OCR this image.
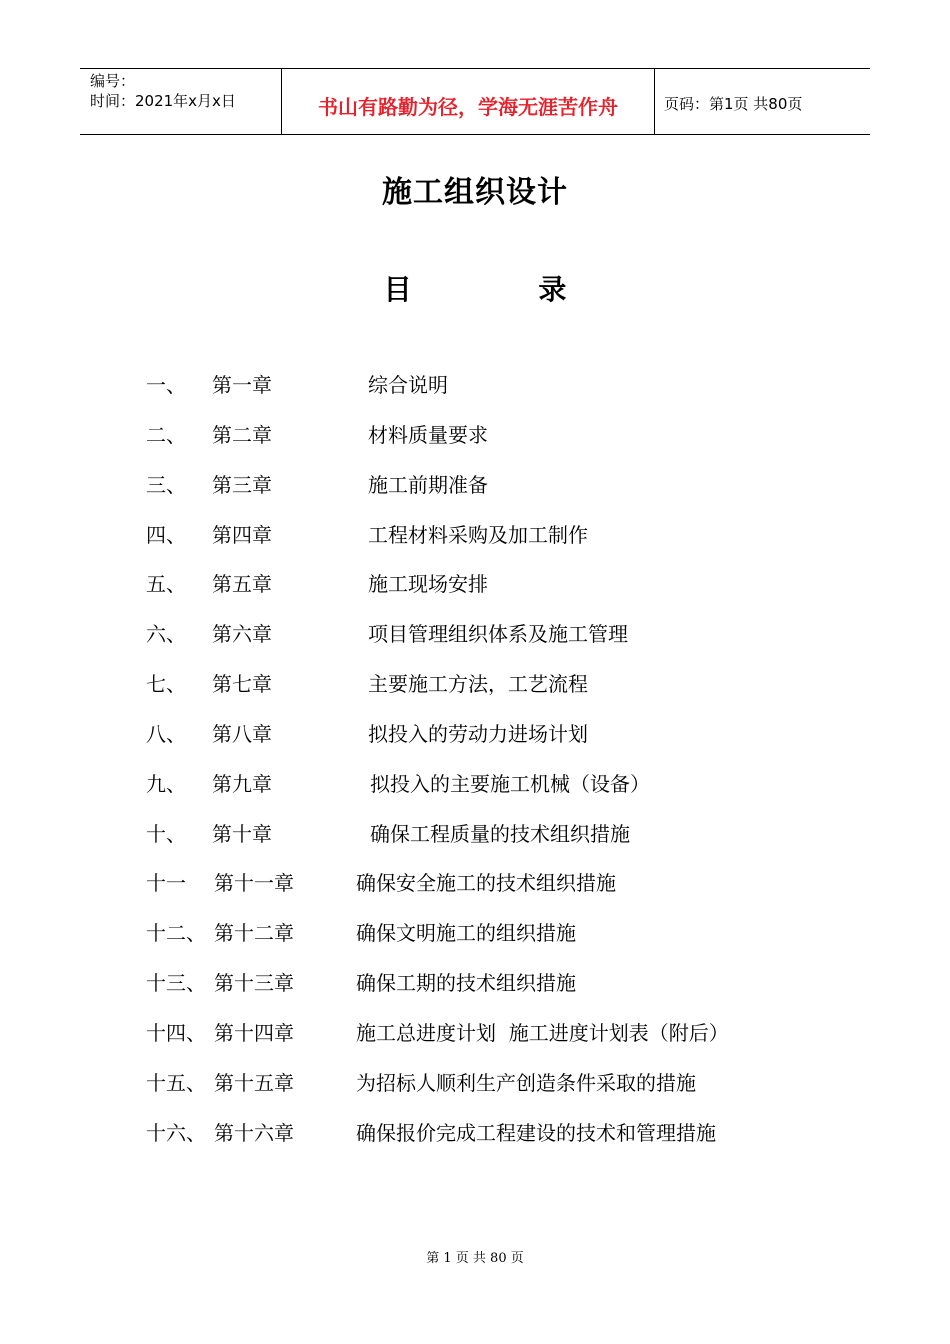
编号：
时间：2021年x月x日	书山有路勤为径，学海无涯苦作舟	页码：第1页 共80页
施工组织设计
目	录
一、 第一章	综合说明
二、 第二章	材料质量要求
三、 第三章	施工前期准备
四、 第四章	工程材料采购及加工制作
五、 第五章	施工现场安排
六、 第六章	项目管理组织体系及施工管理
七、 第七章	主要施工方法，工艺流程
八、 第八章	拟投入的劳动力进场计划
九、 第九章	拟投入的主要施工机械（设备）
十、 第十章	确保工程质量的技术组织措施
十一 第十一章	确保安全施工的技术组织措施
十二、 第十二章	确保文明施工的组织措施
十三、 第十三章	确保工期的技术组织措施
十四、 第十四章	施工总进度计划  施工进度计划表（附后）
十五、 第十五章	为招标人顺利生产创造条件采取的措施
十六、 第十六章	确保报价完成工程建设的技术和管理措施
第 1 页 共 80 页
